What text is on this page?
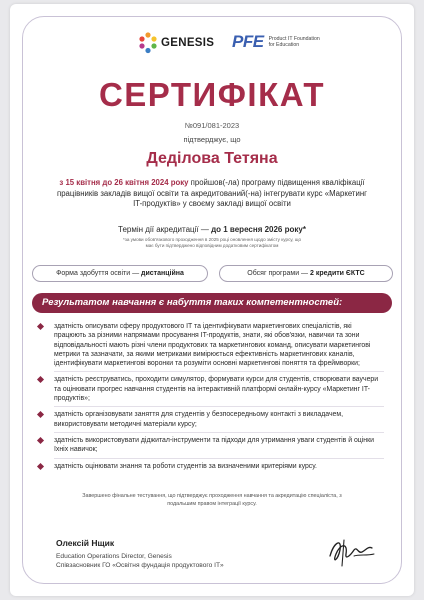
GENESIS PFE Product IT Foundation for Education
СЕРТИФІКАТ
№091/081-2023
підтверджує, що
Деділова Тетяна
з 15 квітня до 26 квітня 2024 року пройшов(-ла) програму підвищення кваліфікації працівників закладів вищої освіти та акредитований(-на) інтегрувати курс «Маркетинг IT-продуктів» у своєму закладі вищої освіти
Термін дії акредитації — до 1 вересня 2026 року*
*за умови обов'язкового проходження в 2025 році оновлення щодо змісту курсу, що має бути підтверджено відповідним додатковим сертифікатом
Форма здобуття освіти — дистанційна	Обсяг програми — 2 кредити ЄКТС
Результатом навчання є набуття таких компетентностей:
здатність описувати сферу продуктового IT та ідентифікувати маркетингових спеціалістів, які працюють за різними напрямами просування IT-продуктів, знати, які обов'язки, навички та зони відповідальності мають різні члени продуктових та маркетингових команд, описувати маркетингові метрики та зазначати, за якими метриками вимірюється ефективність маркетингових каналів, ідентифікувати маркетингові воронки та розуміти основні маркетингові поняття та фреймворки;
здатність реєструватись, проходити симулятор, формувати курси для студентів, створювати ваучери та оцінювати прогрес навчання студентів на інтерактивній платформі онлайн-курсу «Маркетинг IT-продуктів»;
здатність організовувати заняття для студентів у безпосередньому контакті з викладачем, використовувати методичні матеріали курсу;
здатність використовувати діджитал-інструменти та підходи для утримання уваги студентів й оцінки їхніх навичок;
здатність оцінювати знання та роботи студентів за визначеними критеріями курсу.
Завершено фінальне тестування, що підтверджує проходження навчання та акредитацію спеціаліста, з подальшим правом інтеграції курсу.
Олексій Нщик
Education Operations Director, Genesis
Співзасновник ГО «Освітня фундація продуктового IT»
